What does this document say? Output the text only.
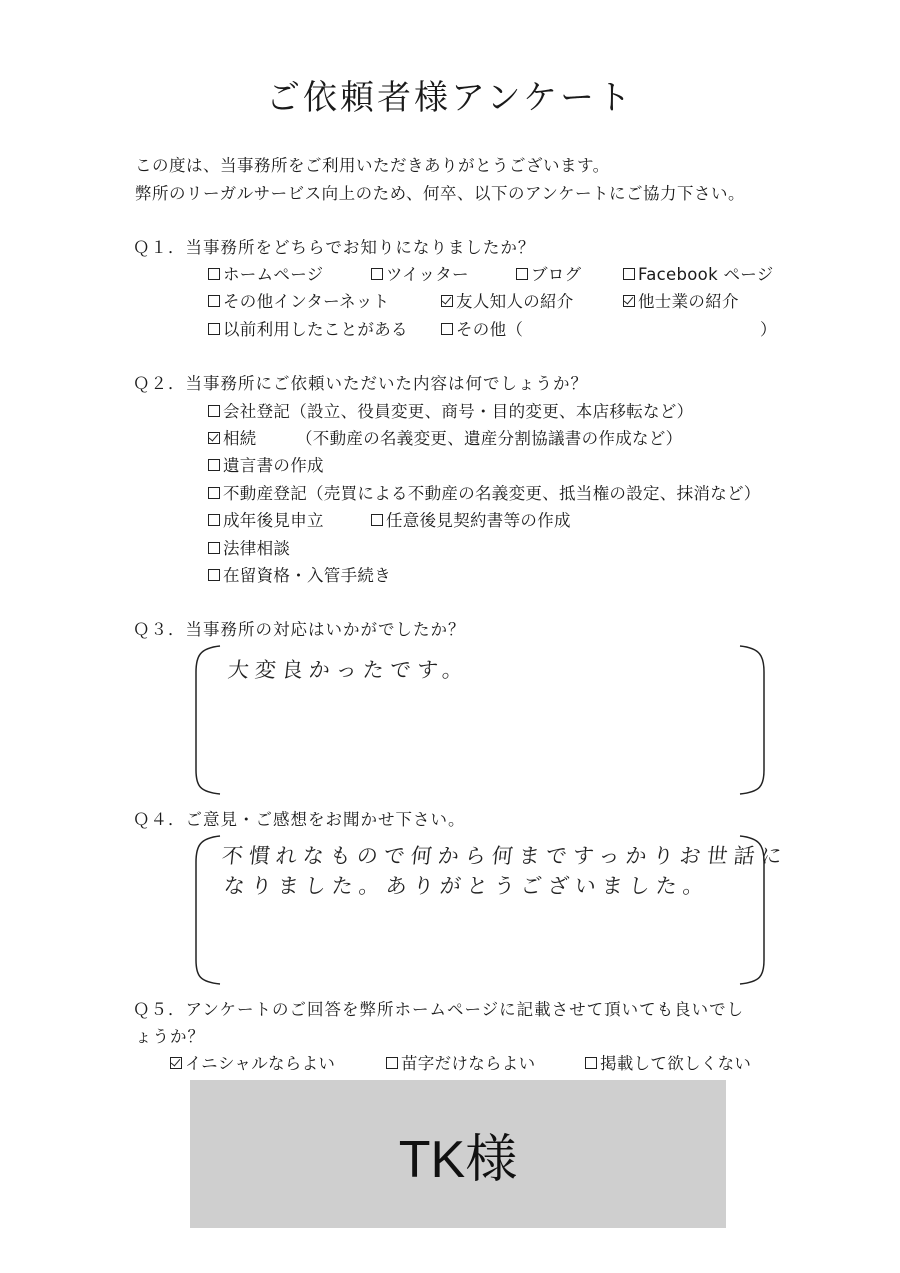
ご依頼者様アンケート
この度は、当事務所をご利用いただきありがとうございます。
弊所のリーガルサービス向上のため、何卒、以下のアンケートにご協力下さい。
Ｑ１．当事務所をどちらでお知りになりましたか？
ホームページ	ツイッター	ブログ	Facebook ページ
その他インターネット	友人知人の紹介	他士業の紹介
以前利用したことがある	その他（	）
Ｑ２．当事務所にご依頼いただいた内容は何でしょうか？
会社登記（設立、役員変更、商号・目的変更、本店移転など）
相続 （不動産の名義変更、遺産分割協議書の作成など）
遺言書の作成
不動産登記（売買による不動産の名義変更、抵当権の設定、抹消など）
成年後見申立	任意後見契約書等の作成
法律相談
在留資格・入管手続き
Ｑ３．当事務所の対応はいかがでしたか？
大変良かったです。
Ｑ４．ご意見・ご感想をお聞かせ下さい。
不慣れなもので何から何まですっかりお世話に
なりました。ありがとうございました。
Ｑ５．アンケートのご回答を弊所ホームページに記載させて頂いても良いでし
ょうか？
イニシャルならよい	苗字だけならよい	掲載して欲しくない
TK様
